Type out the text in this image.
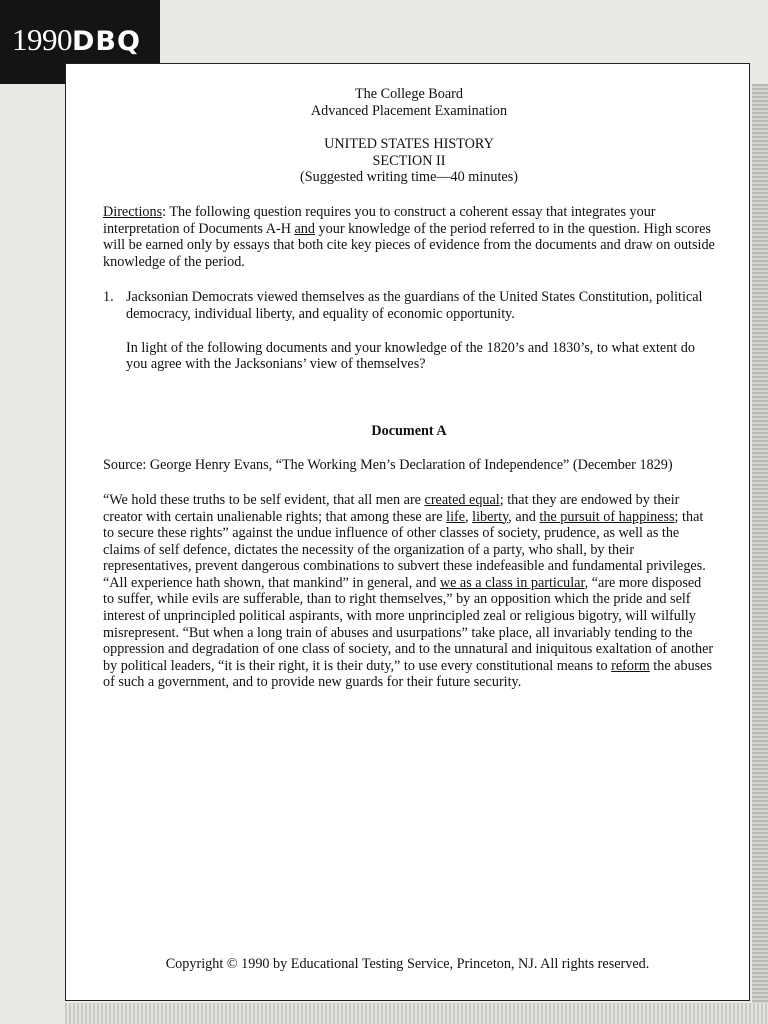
1990DBQ
The College Board
Advanced Placement Examination
UNITED STATES HISTORY
SECTION II
(Suggested writing time—40 minutes)

Directions: The following question requires you to construct a coherent essay that integrates your interpretation of Documents A-H and your knowledge of the period referred to in the question. High scores will be earned only by essays that both cite key pieces of evidence from the documents and draw on outside knowledge of the period.

1. Jacksonian Democrats viewed themselves as the guardians of the United States Constitution, political democracy, individual liberty, and equality of economic opportunity.

In light of the following documents and your knowledge of the 1820’s and 1830’s, to what extent do you agree with the Jacksonians’ view of themselves?

Document A

Source: George Henry Evans, “The Working Men’s Declaration of Independence” (December 1829)

“We hold these truths to be self evident, that all men are created equal; that they are endowed by their creator with certain unalienable rights; that among these are life, liberty, and the pursuit of happiness; that to secure these rights” against the undue influence of other classes of society, prudence, as well as the claims of self defence, dictates the necessity of the organization of a party, who shall, by their representatives, prevent dangerous combinations to subvert these indefeasible and fundamental privileges. “All experience hath shown, that mankind” in general, and we as a class in particular, “are more disposed to suffer, while evils are sufferable, than to right themselves,” by an opposition which the pride and self interest of unprincipled political aspirants, with more unprincipled zeal or religious bigotry, will wilfully misrepresent. “But when a long train of abuses and usurpations” take place, all invariably tending to the oppression and degradation of one class of society, and to the unnatural and iniquitous exaltation of another by political leaders, “it is their right, it is their duty,” to use every constitutional means to reform the abuses of such a government, and to provide new guards for their future security.

Copyright © 1990 by Educational Testing Service, Princeton, NJ. All rights reserved.
